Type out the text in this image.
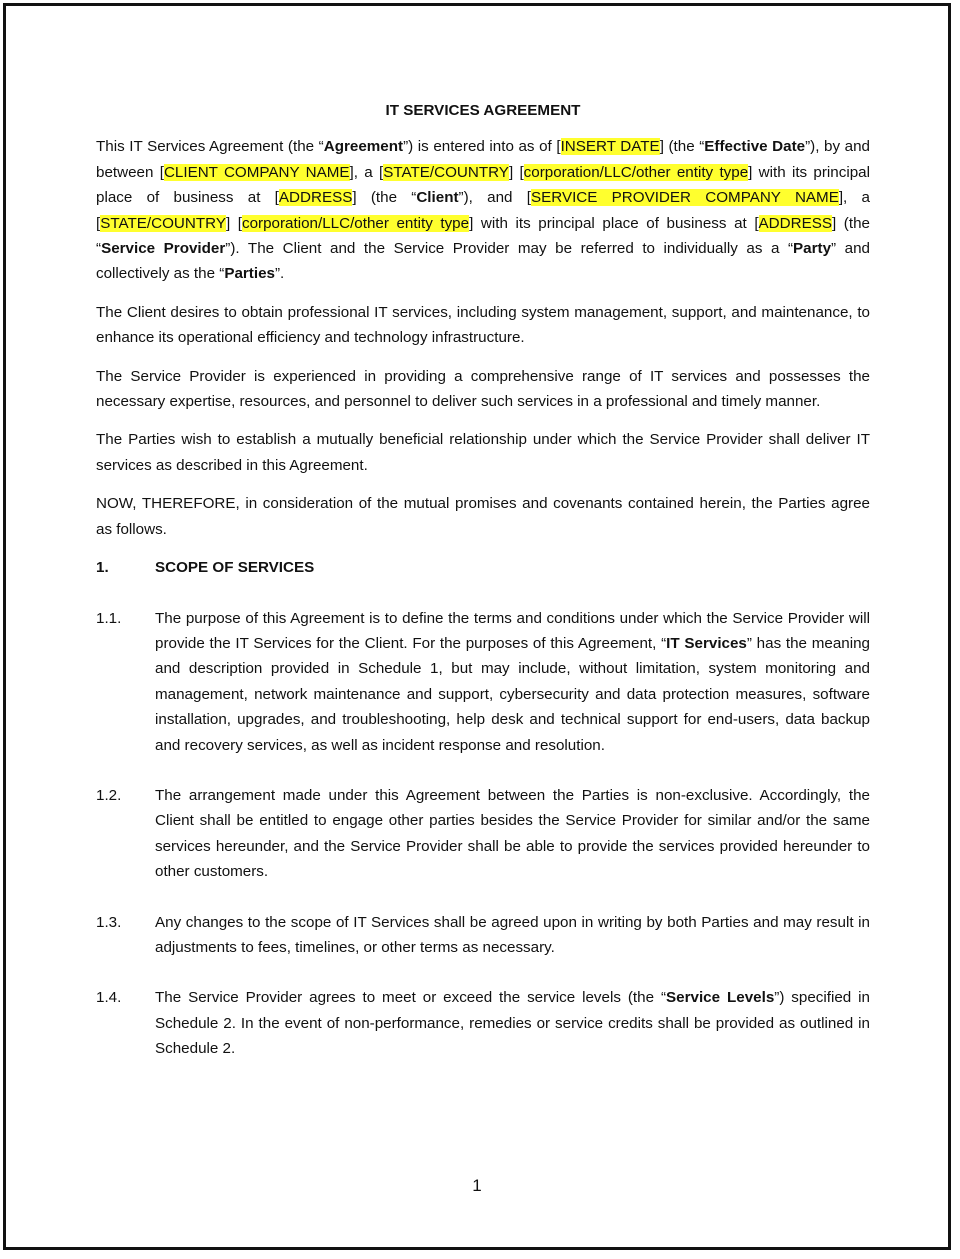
IT SERVICES AGREEMENT

This IT Services Agreement (the “Agreement”) is entered into as of [INSERT DATE] (the “Effective Date”), by and between [CLIENT COMPANY NAME], a [STATE/COUNTRY] [corporation/LLC/other entity type] with its principal place of business at [ADDRESS] (the “Client”), and [SERVICE PROVIDER COMPANY NAME], a [STATE/COUNTRY] [corporation/LLC/other entity type] with its principal place of business at [ADDRESS] (the “Service Provider”). The Client and the Service Provider may be referred to individually as a “Party” and collectively as the “Parties”.

The Client desires to obtain professional IT services, including system management, support, and maintenance, to enhance its operational efficiency and technology infrastructure.

The Service Provider is experienced in providing a comprehensive range of IT services and possesses the necessary expertise, resources, and personnel to deliver such services in a professional and timely manner.

The Parties wish to establish a mutually beneficial relationship under which the Service Provider shall deliver IT services as described in this Agreement.

NOW, THEREFORE, in consideration of the mutual promises and covenants contained herein, the Parties agree as follows.

1.	SCOPE OF SERVICES
1.1.	The purpose of this Agreement is to define the terms and conditions under which the Service Provider will provide the IT Services for the Client. For the purposes of this Agreement, “IT Services” has the meaning and description provided in Schedule 1, but may include, without limitation, system monitoring and management, network maintenance and support, cybersecurity and data protection measures, software installation, upgrades, and troubleshooting, help desk and technical support for end-users, data backup and recovery services, as well as incident response and resolution.
1.2.	The arrangement made under this Agreement between the Parties is non-exclusive. Accordingly, the Client shall be entitled to engage other parties besides the Service Provider for similar and/or the same services hereunder, and the Service Provider shall be able to provide the services provided hereunder to other customers.
1.3.	Any changes to the scope of IT Services shall be agreed upon in writing by both Parties and may result in adjustments to fees, timelines, or other terms as necessary.
1.4.	The Service Provider agrees to meet or exceed the service levels (the “Service Levels”) specified in Schedule 2. In the event of non-performance, remedies or service credits shall be provided as outlined in Schedule 2.
1
